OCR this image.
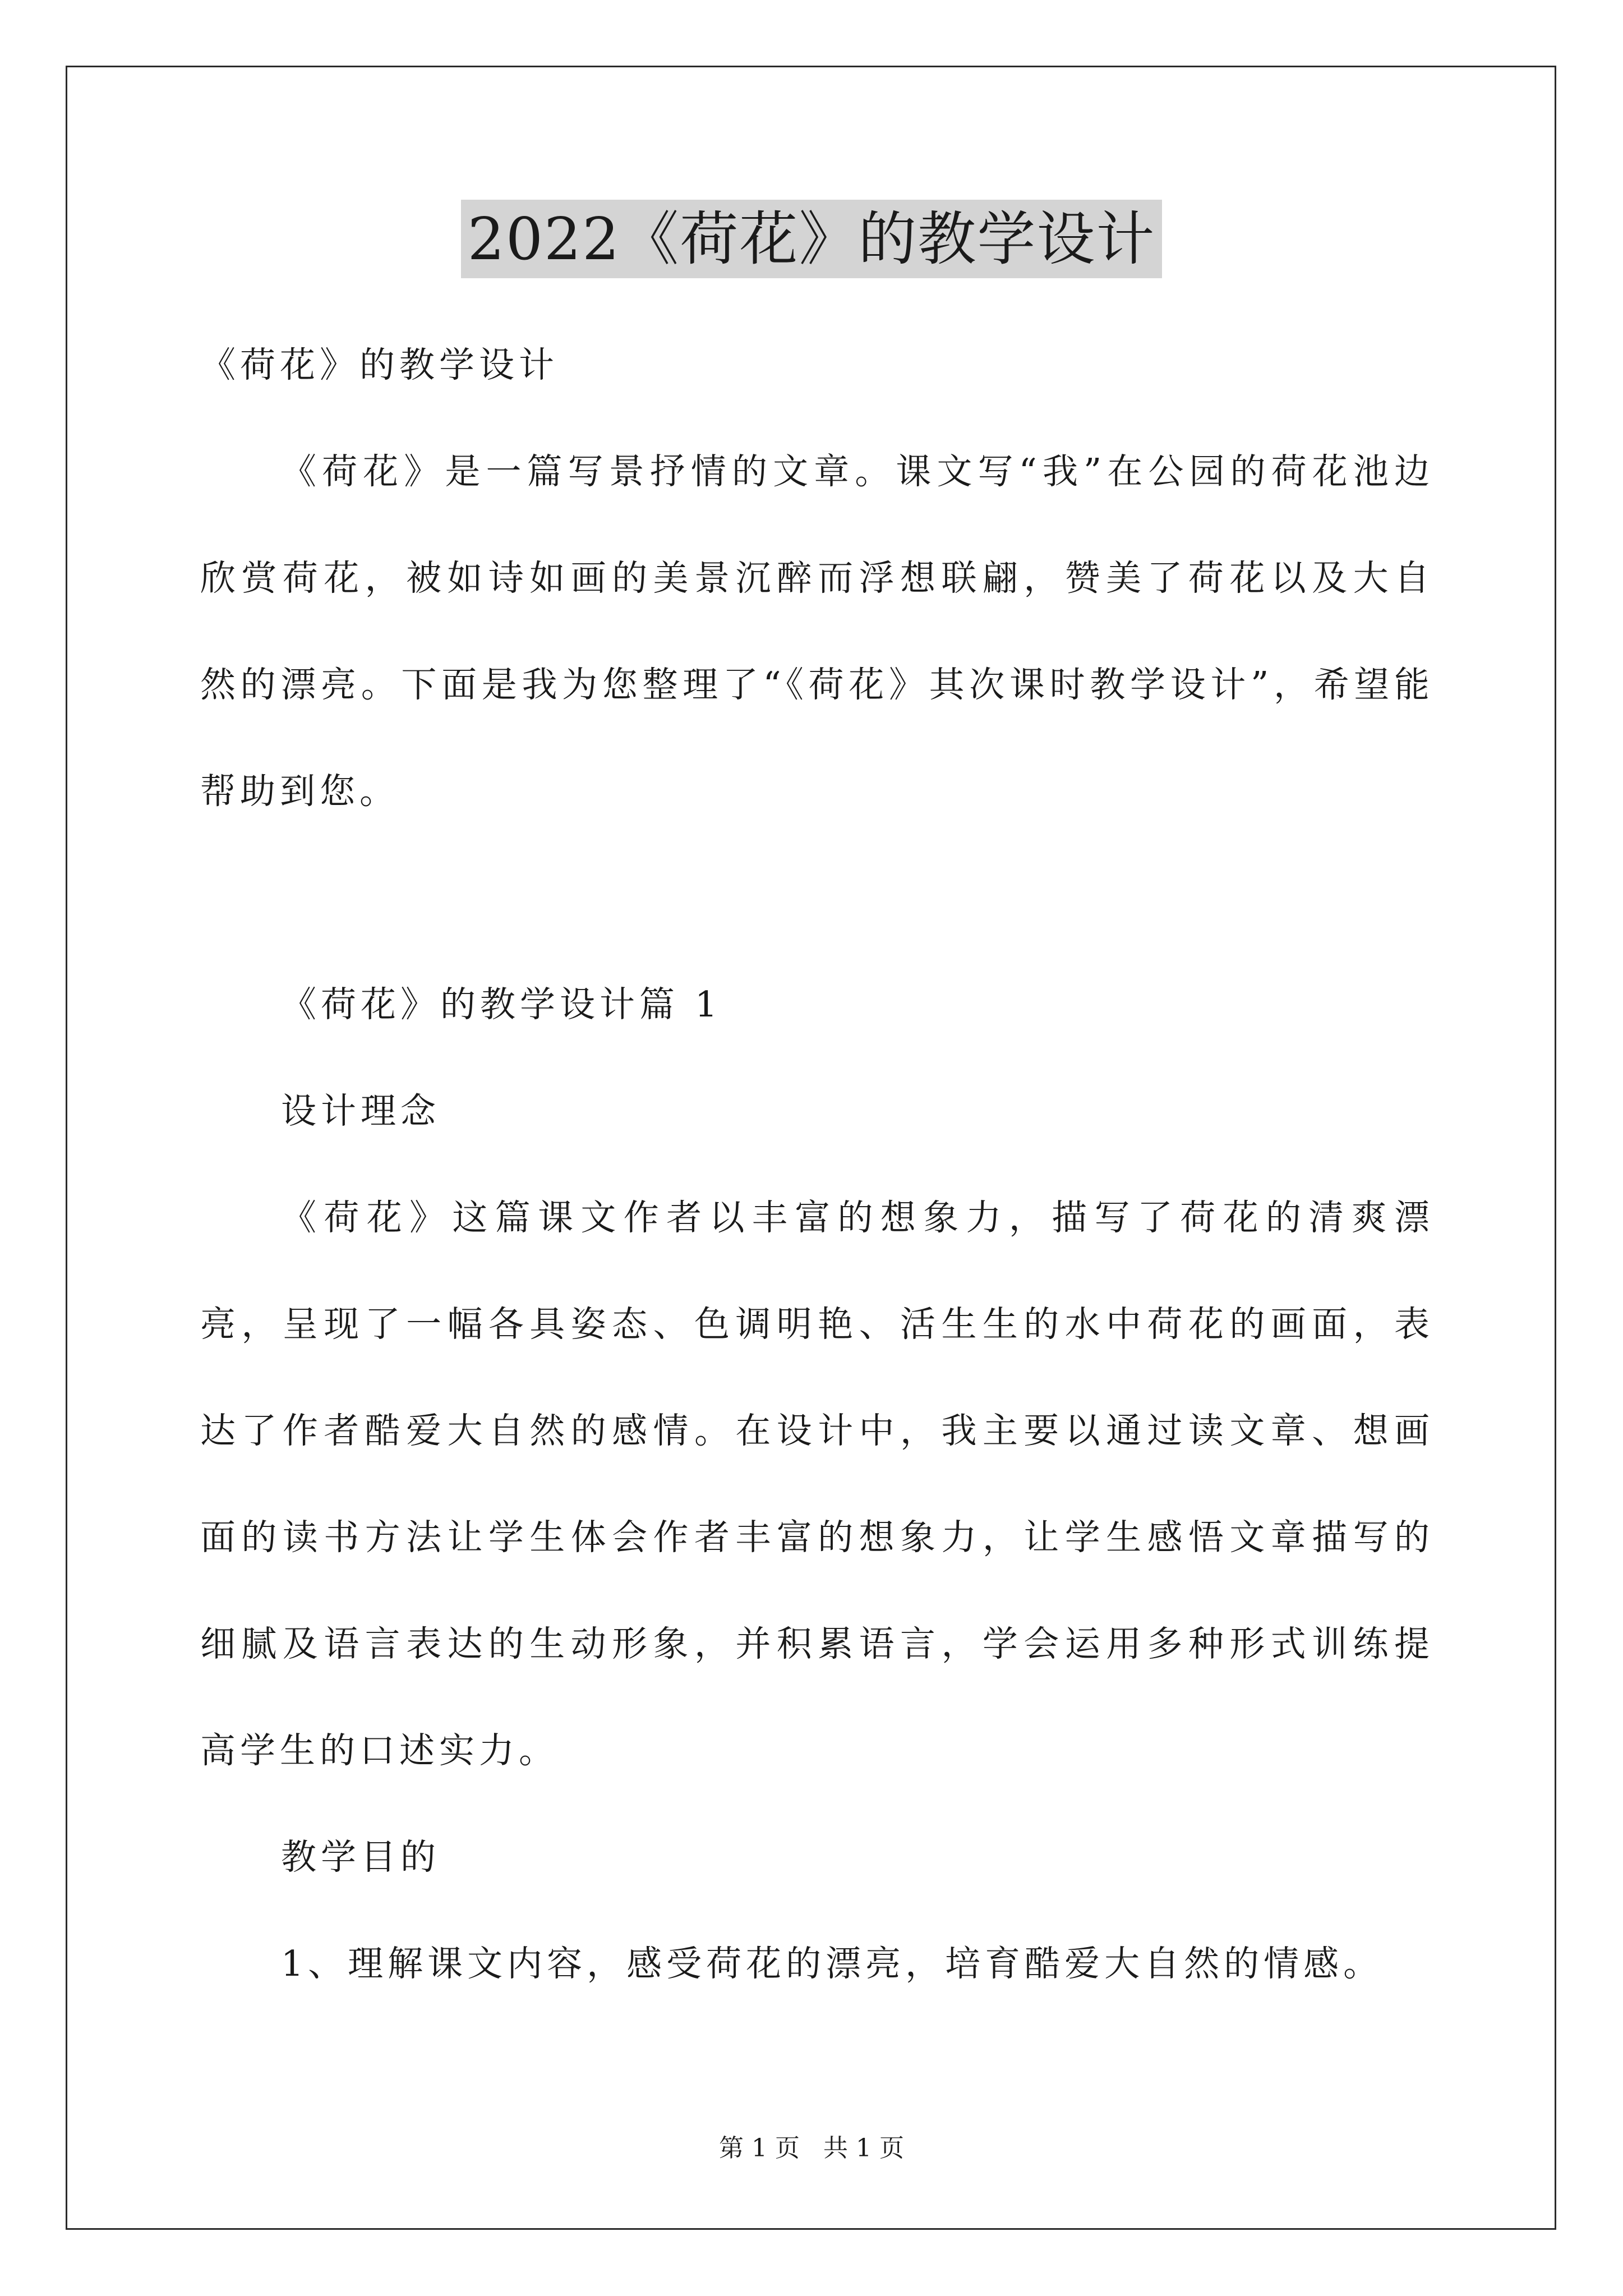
2022《荷花》的教学设计

《荷花》的教学设计

《荷花》是一篇写景抒情的文章。课文写“我”在公园的荷花池边欣赏荷花，被如诗如画的美景沉醉而浮想联翩，赞美了荷花以及大自然的漂亮。下面是我为您整理了“《荷花》其次课时教学设计”，希望能帮助到您。

《荷花》的教学设计篇 1

设计理念

《荷花》这篇课文作者以丰富的想象力，描写了荷花的清爽漂亮，呈现了一幅各具姿态、色调明艳、活生生的水中荷花的画面，表达了作者酷爱大自然的感情。在设计中，我主要以通过读文章、想画面的读书方法让学生体会作者丰富的想象力，让学生感悟文章描写的细腻及语言表达的生动形象，并积累语言，学会运用多种形式训练提高学生的口述实力。

教学目的

1、理解课文内容，感受荷花的漂亮，培育酷爱大自然的情感。

第 1 页 共 1 页
